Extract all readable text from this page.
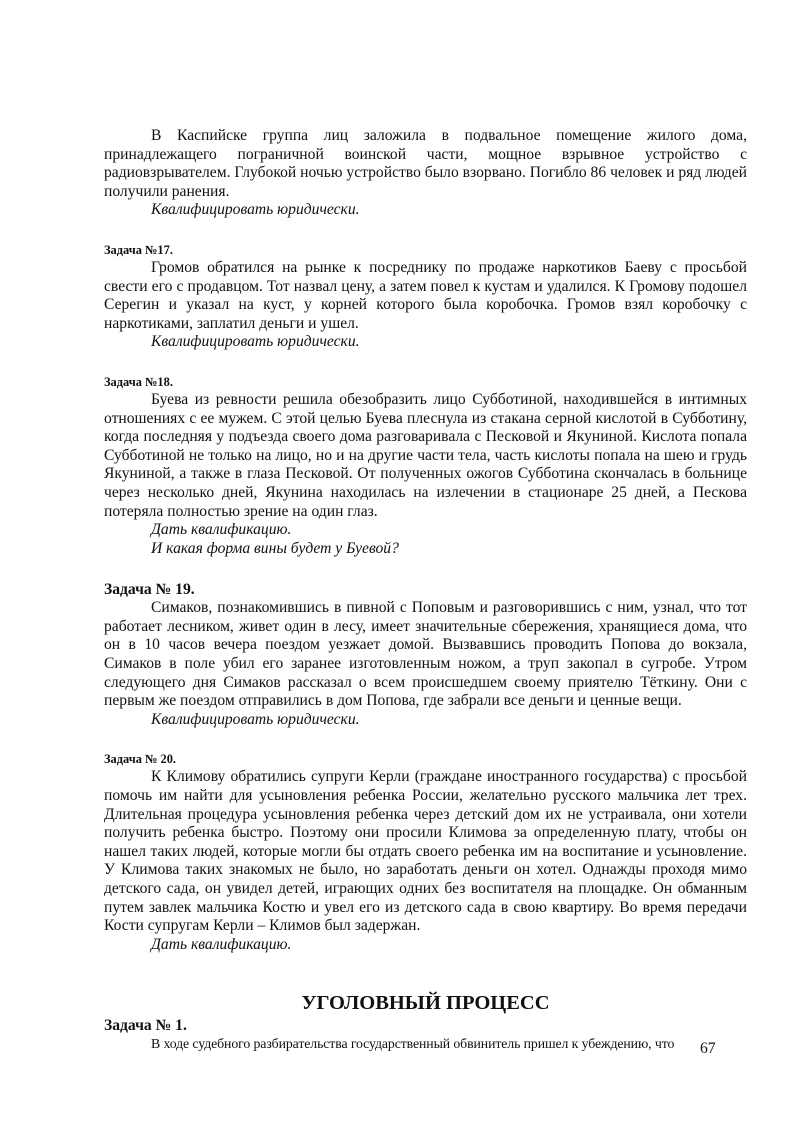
В Каспийске группа лиц заложила в подвальное помещение жилого дома, принадлежащего пограничной воинской части, мощное взрывное устройство с радиовзрывателем. Глубокой ночью устройство было взорвано. Погибло 86 человек и ряд людей получили ранения.

Квалифицировать юридически.

Задача №17.

Громов обратился на рынке к посреднику по продаже наркотиков Баеву с просьбой свести его с продавцом. Тот назвал цену, а затем повел к кустам и удалился. К Громову подошел Серегин и указал на куст, у корней которого была коробочка. Громов взял коробочку с наркотиками, заплатил деньги и ушел.

Квалифицировать юридически.

Задача №18.

Буева из ревности решила обезобразить лицо Субботиной, находившейся в интимных отношениях с ее мужем. С этой целью Буева плеснула из стакана серной кислотой в Субботину, когда последняя у подъезда своего дома разговаривала с Песковой и Якуниной. Кислота попала Субботиной не только на лицо, но и на другие части тела, часть кислоты попала на шею и грудь Якуниной, а также в глаза Песковой. От полученных ожогов Субботина скончалась в больнице через несколько дней, Якунина находилась на излечении в стационаре 25 дней, а Пескова потеряла полностью зрение на один глаз.

Дать квалификацию.

И какая форма вины будет у Буевой?

Задача № 19.

Симаков, познакомившись в пивной с Поповым и разговорившись с ним, узнал, что тот работает лесником, живет один в лесу, имеет значительные сбережения, хранящиеся дома, что он в 10 часов вечера поездом уезжает домой. Вызвавшись проводить Попова до вокзала, Симаков в поле убил его заранее изготовленным ножом, а труп закопал в сугробе. Утром следующего дня Симаков рассказал о всем происшедшем своему приятелю Тёткину. Они с первым же поездом отправились в дом Попова, где забрали все деньги и ценные вещи.

Квалифицировать юридически.

Задача № 20.

К Климову обратились супруги Керли (граждане иностранного государства) с просьбой помочь им найти для усыновления ребенка России, желательно русского мальчика лет трех. Длительная процедура усыновления ребенка через детский дом их не устраивала, они хотели получить ребенка быстро. Поэтому они просили Климова за определенную плату, чтобы он нашел таких людей, которые могли бы отдать своего ребенка им на воспитание и усыновление. У Климова таких знакомых не было, но заработать деньги он хотел. Однажды проходя мимо детского сада, он увидел детей, играющих одних без воспитателя на площадке. Он обманным путем завлек мальчика Костю и увел его из детского сада в свою квартиру. Во время передачи Кости супругам Керли – Климов был задержан.

Дать квалификацию.

УГОЛОВНЫЙ ПРОЦЕСС

Задача № 1.

В ходе судебного разбирательства государственный обвинитель пришел к убеждению, что	67
